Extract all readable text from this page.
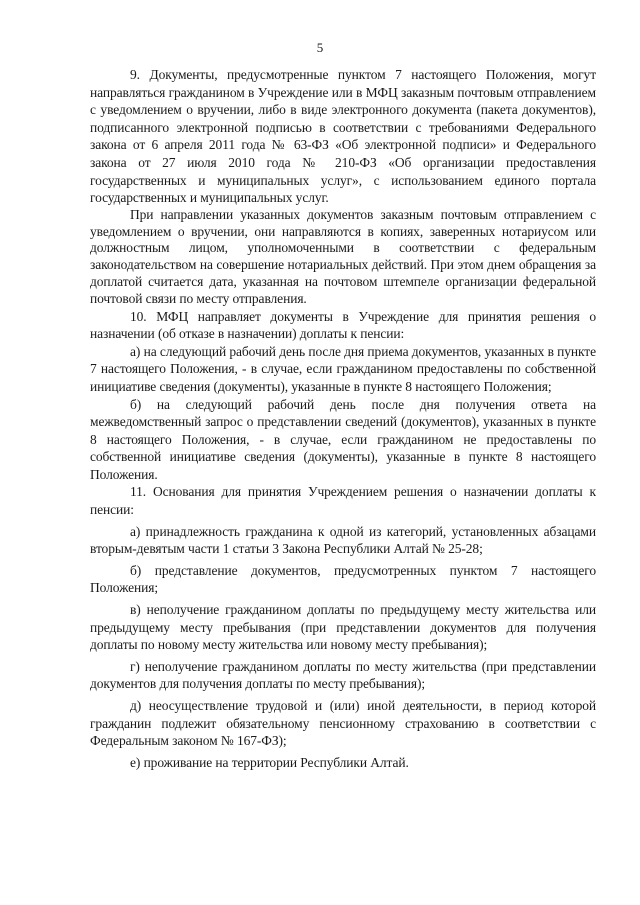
5

9. Документы, предусмотренные пунктом 7 настоящего Положения, могут направляться гражданином в Учреждение или в МФЦ заказным почтовым отправлением с уведомлением о вручении, либо в виде электронного документа (пакета документов), подписанного электронной подписью в соответствии с требованиями Федерального закона от 6 апреля 2011 года № 63-ФЗ «Об электронной подписи» и Федерального закона от 27 июля 2010 года № 210-ФЗ «Об организации предоставления государственных и муниципальных услуг», с использованием единого портала государственных и муниципальных услуг.

При направлении указанных документов заказным почтовым отправлением с уведомлением о вручении, они направляются в копиях, заверенных нотариусом или должностным лицом, уполномоченными в соответствии с федеральным законодательством на совершение нотариальных действий. При этом днем обращения за доплатой считается дата, указанная на почтовом штемпеле организации федеральной почтовой связи по месту отправления.

10. МФЦ направляет документы в Учреждение для принятия решения о назначении (об отказе в назначении) доплаты к пенсии:

а) на следующий рабочий день после дня приема документов, указанных в пункте 7 настоящего Положения, - в случае, если гражданином предоставлены по собственной инициативе сведения (документы), указанные в пункте 8 настоящего Положения;

б) на следующий рабочий день после дня получения ответа на межведомственный запрос о представлении сведений (документов), указанных в пункте 8 настоящего Положения, - в случае, если гражданином не предоставлены по собственной инициативе сведения (документы), указанные в пункте 8 настоящего Положения.

11. Основания для принятия Учреждением решения о назначении доплаты к пенсии:

а) принадлежность гражданина к одной из категорий, установленных абзацами вторым-девятым части 1 статьи 3 Закона Республики Алтай № 25-28;

б) представление документов, предусмотренных пунктом 7 настоящего Положения;

в) неполучение гражданином доплаты по предыдущему месту жительства или предыдущему месту пребывания (при представлении документов для получения доплаты по новому месту жительства или новому месту пребывания);

г) неполучение гражданином доплаты по месту жительства (при представлении документов для получения доплаты по месту пребывания);

д) неосуществление трудовой и (или) иной деятельности, в период которой гражданин подлежит обязательному пенсионному страхованию в соответствии с Федеральным законом № 167-ФЗ);

е) проживание на территории Республики Алтай.
